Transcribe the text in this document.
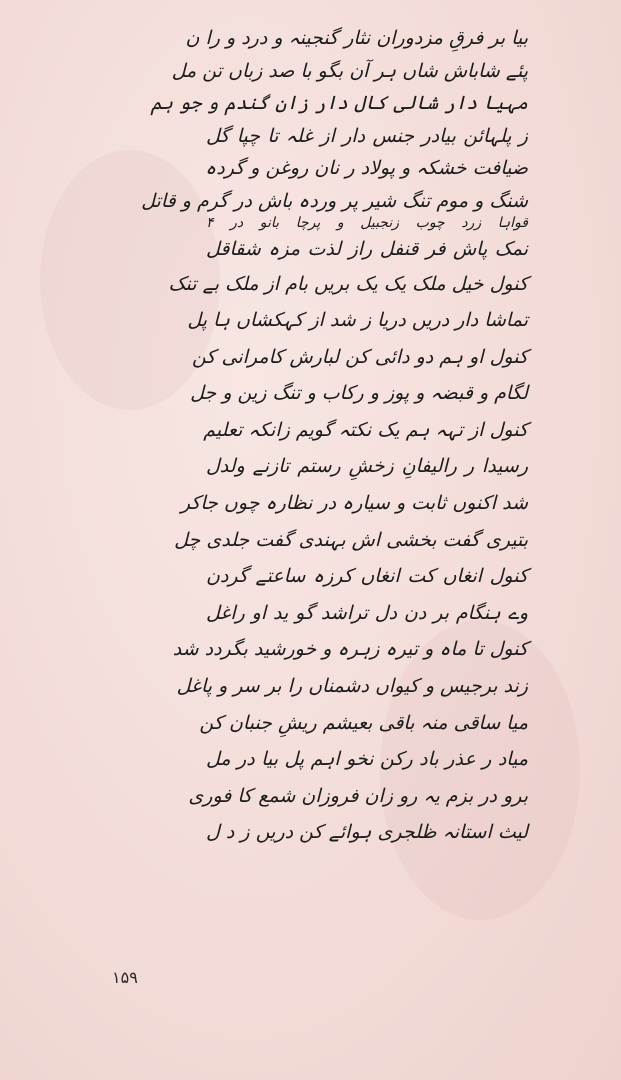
بیا بر فرقِ مزدوران نثار گنجینہ و درد و را ن
پئے شاباش شاں ہر آن بگو با صد زباں تن مل
مہیا دار شالی کال دار زان گندم و جو ہم
ز پلہائن بیادر جنس دار از غلہ تا چپا گل
ضیافت خشکہ و پولاد ر نان روغن و گردہ
شنگ و موم تنگ شیر پر وردہ باش در گرم و قاتل
قواہا زرد چوب زنجبیل و پرچا بانو در ۴
نمک پاش فر قنفل راز لذت مزہ شقاقل
کنول خیل ملک یک یک بریں بام از ملک بے تنک
تماشا دار دریں دریا ز شد از کہکشاں ہا پل
کنول او ہم دو دائی کن لبارش کامرانی کن
لگام و قبضہ و پوز و رکاب و تنگ زین و جل
کنول از تہہ ہم یک نکتہ گویم زانکہ تعلیم
رسیدا ر رالیفانِ زخشِ رستم تازنے ولدل
شد اکنوں ثابت و سیارہ در نظارہ چوں جاکر
بتیری گفت بخشی اش بہندی گفت جلدی چل
کنول انغاں کت انغاں کرزہ ساعتے گردن
وے ہنگام بر دن دل تراشد گو ید او راغل
کنول تا ماہ و تیرہ زہرہ و خورشید بگردد شد
زند برجیس و کیواں دشمناں را بر سر و پاغل
میا ساقی منہ باقی بعیشم ریشِ جنبان کن
میاد ر عذر باد رکن نخو اہم پل بیا در مل
برو در بزم یہ رو زان فروزان شمع کا فوری
لیث استانہ ظلجری ہوائے کن دریں ز د ل
۱۵۹
